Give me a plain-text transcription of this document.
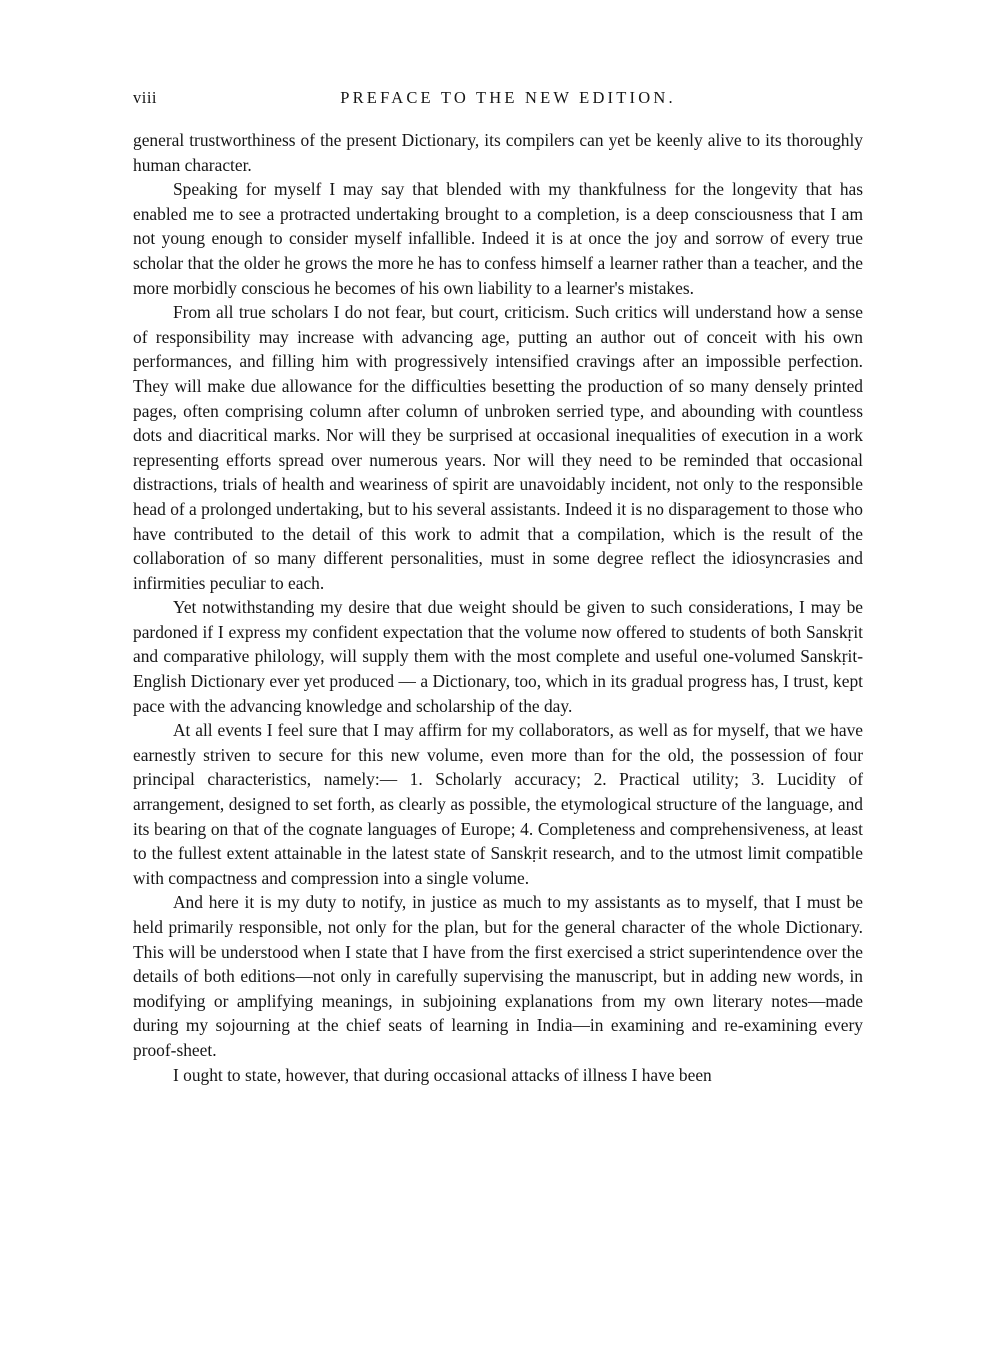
viii	PREFACE TO THE NEW EDITION.

general trustworthiness of the present Dictionary, its compilers can yet be keenly alive to its thoroughly human character.

Speaking for myself I may say that blended with my thankfulness for the longevity that has enabled me to see a protracted undertaking brought to a completion, is a deep consciousness that I am not young enough to consider myself infallible. Indeed it is at once the joy and sorrow of every true scholar that the older he grows the more he has to confess himself a learner rather than a teacher, and the more morbidly conscious he becomes of his own liability to a learner's mistakes.

From all true scholars I do not fear, but court, criticism. Such critics will understand how a sense of responsibility may increase with advancing age, putting an author out of conceit with his own performances, and filling him with progressively intensified cravings after an impossible perfection. They will make due allowance for the difficulties besetting the production of so many densely printed pages, often comprising column after column of unbroken serried type, and abounding with countless dots and diacritical marks. Nor will they be surprised at occasional inequalities of execution in a work representing efforts spread over numerous years. Nor will they need to be reminded that occasional distractions, trials of health and weariness of spirit are unavoidably incident, not only to the responsible head of a prolonged undertaking, but to his several assistants. Indeed it is no disparagement to those who have contributed to the detail of this work to admit that a compilation, which is the result of the collaboration of so many different personalities, must in some degree reflect the idiosyncrasies and infirmities peculiar to each.

Yet notwithstanding my desire that due weight should be given to such considerations, I may be pardoned if I express my confident expectation that the volume now offered to students of both Sanskṛit and comparative philology, will supply them with the most complete and useful one-volumed Sanskṛit-English Dictionary ever yet produced — a Dictionary, too, which in its gradual progress has, I trust, kept pace with the advancing knowledge and scholarship of the day.

At all events I feel sure that I may affirm for my collaborators, as well as for myself, that we have earnestly striven to secure for this new volume, even more than for the old, the possession of four principal characteristics, namely:— 1. Scholarly accuracy; 2. Practical utility; 3. Lucidity of arrangement, designed to set forth, as clearly as possible, the etymological structure of the language, and its bearing on that of the cognate languages of Europe; 4. Completeness and comprehensiveness, at least to the fullest extent attainable in the latest state of Sanskṛit research, and to the utmost limit compatible with compactness and compression into a single volume.

And here it is my duty to notify, in justice as much to my assistants as to myself, that I must be held primarily responsible, not only for the plan, but for the general character of the whole Dictionary. This will be understood when I state that I have from the first exercised a strict superintendence over the details of both editions—not only in carefully supervising the manuscript, but in adding new words, in modifying or amplifying meanings, in subjoining explanations from my own literary notes—made during my sojourning at the chief seats of learning in India—in examining and re-examining every proof-sheet.

I ought to state, however, that during occasional attacks of illness I have been
